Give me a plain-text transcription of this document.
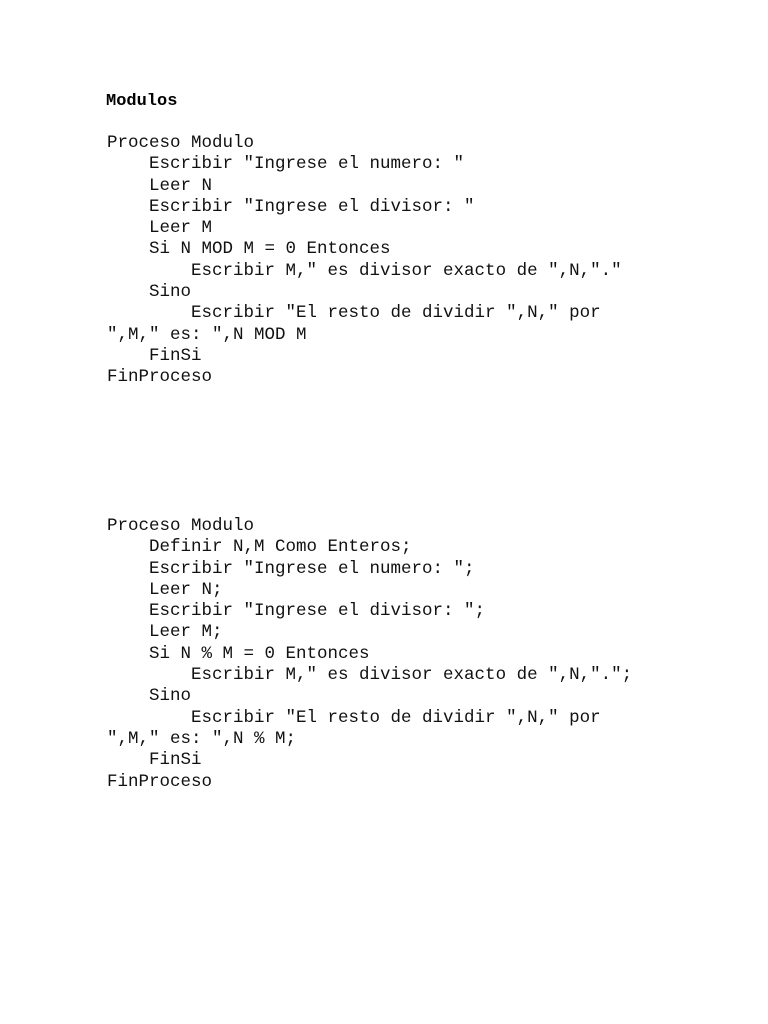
Modulos
Proceso Modulo
Escribir "Ingrese el numero: "
Leer N
Escribir "Ingrese el divisor: "
Leer M
Si N MOD M = 0 Entonces
Escribir M," es divisor exacto de ",N,"."
Sino
Escribir "El resto de dividir ",N," por
",M," es: ",N MOD M
FinSi
FinProceso
Proceso Modulo
Definir N,M Como Enteros;
Escribir "Ingrese el numero: ";
Leer N;
Escribir "Ingrese el divisor: ";
Leer M;
Si N % M = 0 Entonces
Escribir M," es divisor exacto de ",N,".";
Sino
Escribir "El resto de dividir ",N," por
",M," es: ",N % M;
FinSi
FinProceso
